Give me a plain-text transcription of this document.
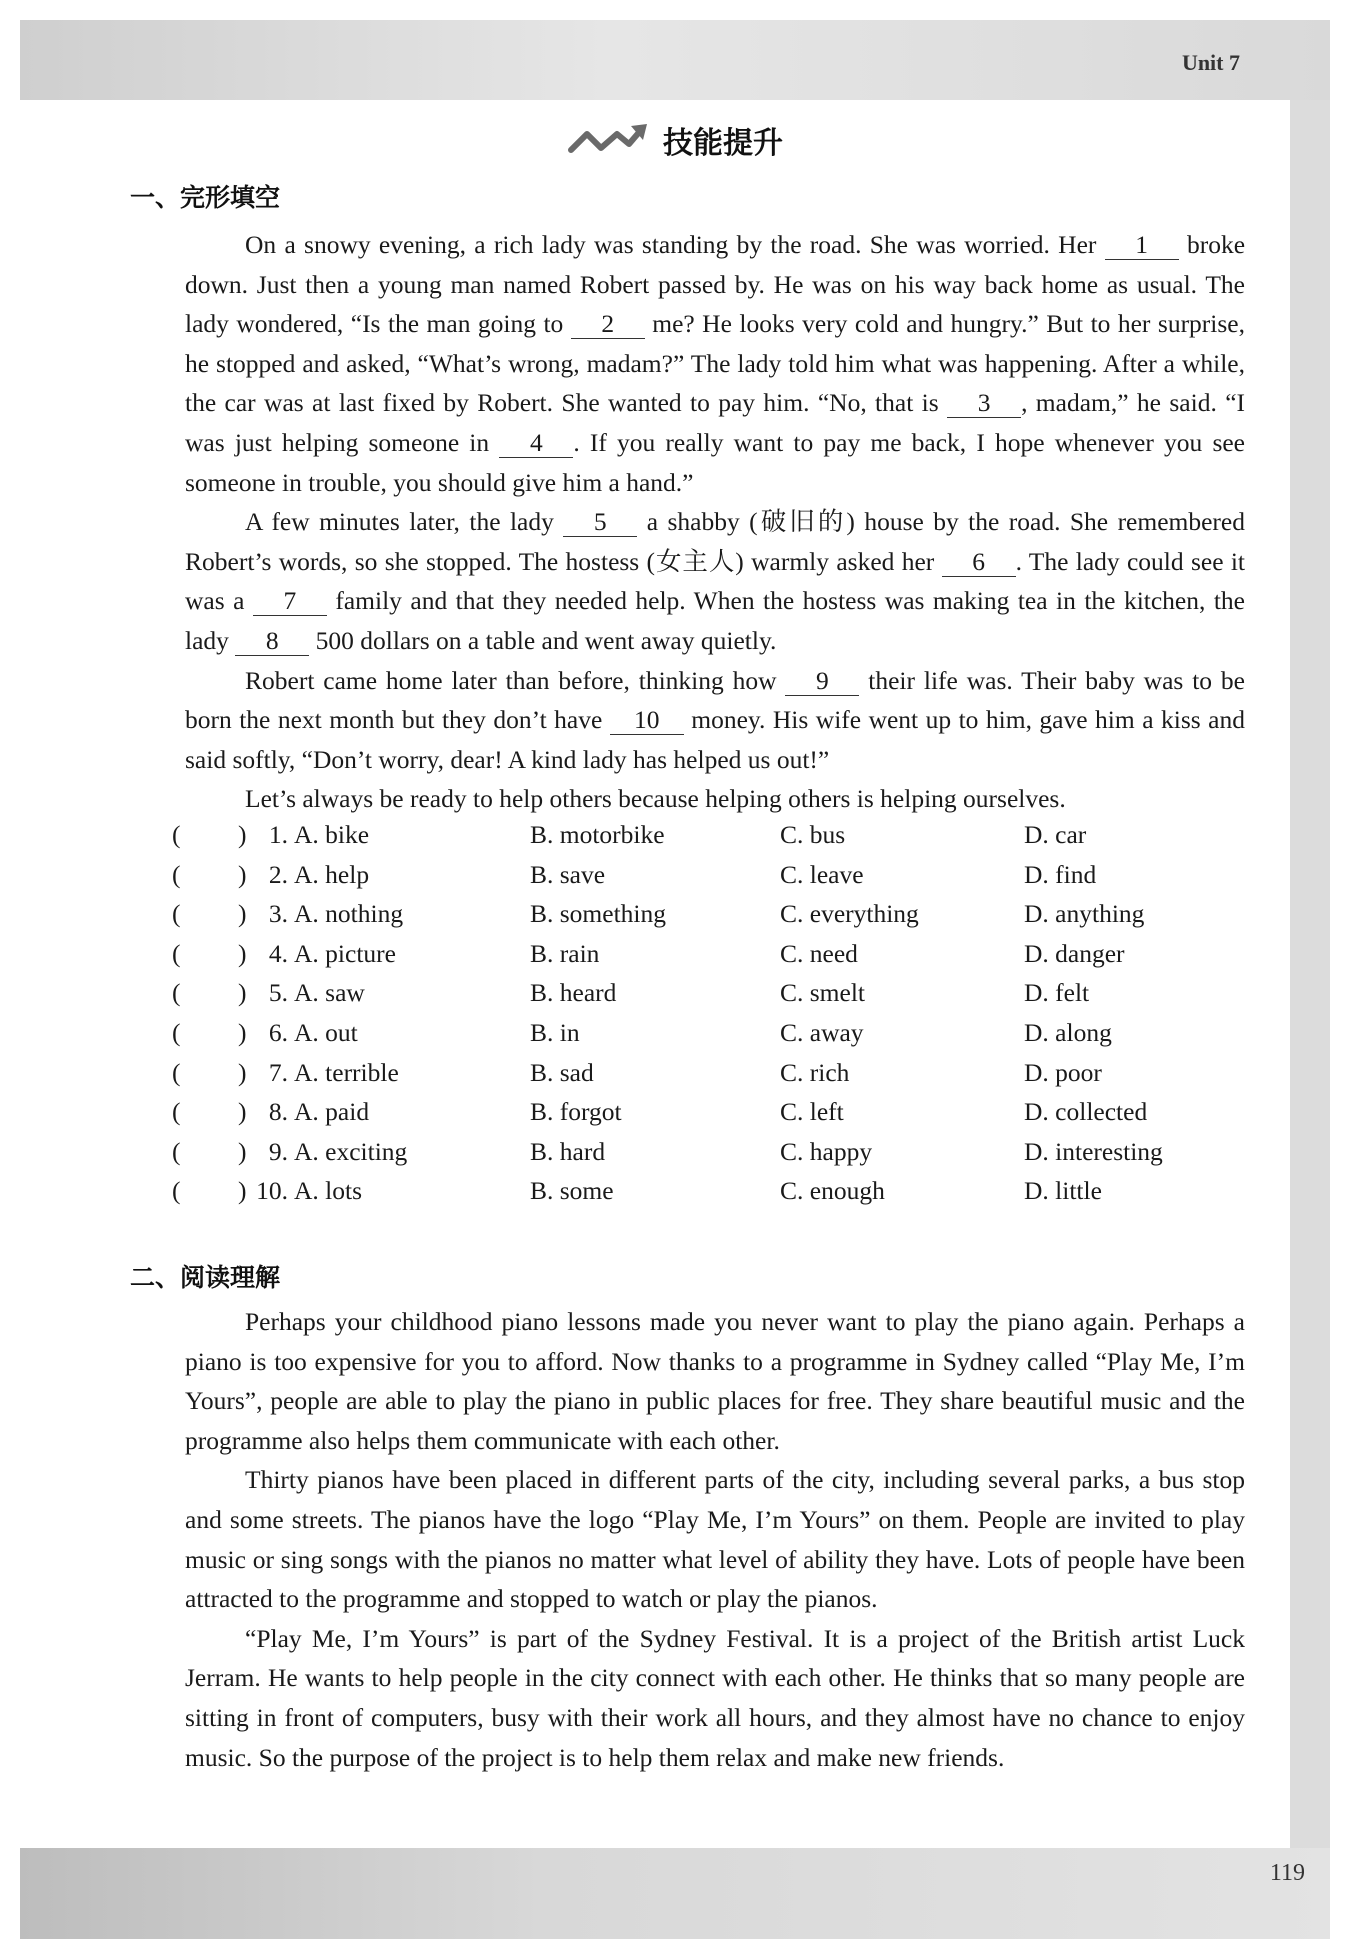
Unit 7
技能提升
一、完形填空

On a snowy evening, a rich lady was standing by the road. She was worried. Her 1 broke down. Just then a young man named Robert passed by. He was on his way back home as usual. The lady wondered, “Is the man going to 2 me? He looks very cold and hungry.” But to her surprise, he stopped and asked, “What’s wrong, madam?” The lady told him what was happening. After a while, the car was at last fixed by Robert. She wanted to pay him. “No, that is 3 , madam,” he said. “I was just helping someone in 4 . If you really want to pay me back, I hope whenever you see someone in trouble, you should give him a hand.”

A few minutes later, the lady 5 a shabby (破旧的) house by the road. She remembered Robert’s words, so she stopped. The hostess (女主人) warmly asked her 6 . The lady could see it was a 7 family and that they needed help. When the hostess was making tea in the kitchen, the lady 8 500 dollars on a table and went away quietly.

Robert came home later than before, thinking how 9 their life was. Their baby was to be born the next month but they don’t have 10 money. His wife went up to him, gave him a kiss and said softly, “Don’t worry, dear! A kind lady has helped us out!”

Let’s always be ready to help others because helping others is helping ourselves.

( ) 1. A. bike	B. motorbike	C. bus	D. car
( ) 2. A. help	B. save	C. leave	D. find
( ) 3. A. nothing	B. something	C. everything	D. anything
( ) 4. A. picture	B. rain	C. need	D. danger
( ) 5. A. saw	B. heard	C. smelt	D. felt
( ) 6. A. out	B. in	C. away	D. along
( ) 7. A. terrible	B. sad	C. rich	D. poor
( ) 8. A. paid	B. forgot	C. left	D. collected
( ) 9. A. exciting	B. hard	C. happy	D. interesting
( ) 10. A. lots	B. some	C. enough	D. little
二、阅读理解

Perhaps your childhood piano lessons made you never want to play the piano again. Perhaps a piano is too expensive for you to afford. Now thanks to a programme in Sydney called “Play Me, I’m Yours”, people are able to play the piano in public places for free. They share beautiful music and the programme also helps them communicate with each other.

Thirty pianos have been placed in different parts of the city, including several parks, a bus stop and some streets. The pianos have the logo “Play Me, I’m Yours” on them. People are invited to play music or sing songs with the pianos no matter what level of ability they have. Lots of people have been attracted to the programme and stopped to watch or play the pianos.

“Play Me, I’m Yours” is part of the Sydney Festival. It is a project of the British artist Luck Jerram. He wants to help people in the city connect with each other. He thinks that so many people are sitting in front of computers, busy with their work all hours, and they almost have no chance to enjoy music. So the purpose of the project is to help them relax and make new friends.

119
